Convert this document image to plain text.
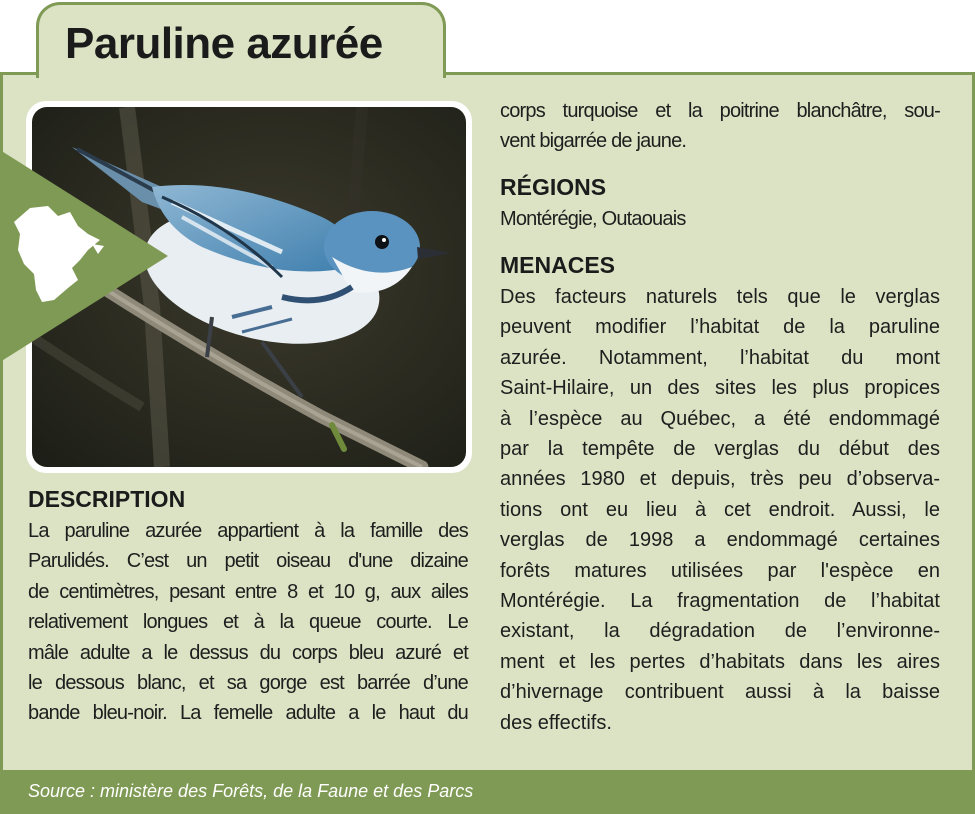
Paruline azurée
DESCRIPTION
La paruline azurée appartient à la famille des
Parulidés. C’est un petit oiseau d'une dizaine
de centimètres, pesant entre 8 et 10 g, aux ailes
relativement longues et à la queue courte. Le
mâle adulte a le dessus du corps bleu azuré et
le dessous blanc, et sa gorge est barrée d’une
bande bleu-noir. La femelle adulte a le haut du
corps turquoise et la poitrine blanchâtre, sou-
vent bigarrée de jaune.
RÉGIONS
Montérégie, Outaouais
MENACES
Des facteurs naturels tels que le verglas
peuvent modifier l’habitat de la paruline
azurée. Notamment, l’habitat du mont
Saint-Hilaire, un des sites les plus propices
à l’espèce au Québec, a été endommagé
par la tempête de verglas du début des
années 1980 et depuis, très peu d’observa-
tions ont eu lieu à cet endroit. Aussi, le
verglas de 1998 a endommagé certaines
forêts matures utilisées par l'espèce en
Montérégie. La fragmentation de l’habitat
existant, la dégradation de l’environne-
ment et les pertes d’habitats dans les aires
d’hivernage contribuent aussi à la baisse
des effectifs.
Source : ministère des Forêts, de la Faune et des Parcs
